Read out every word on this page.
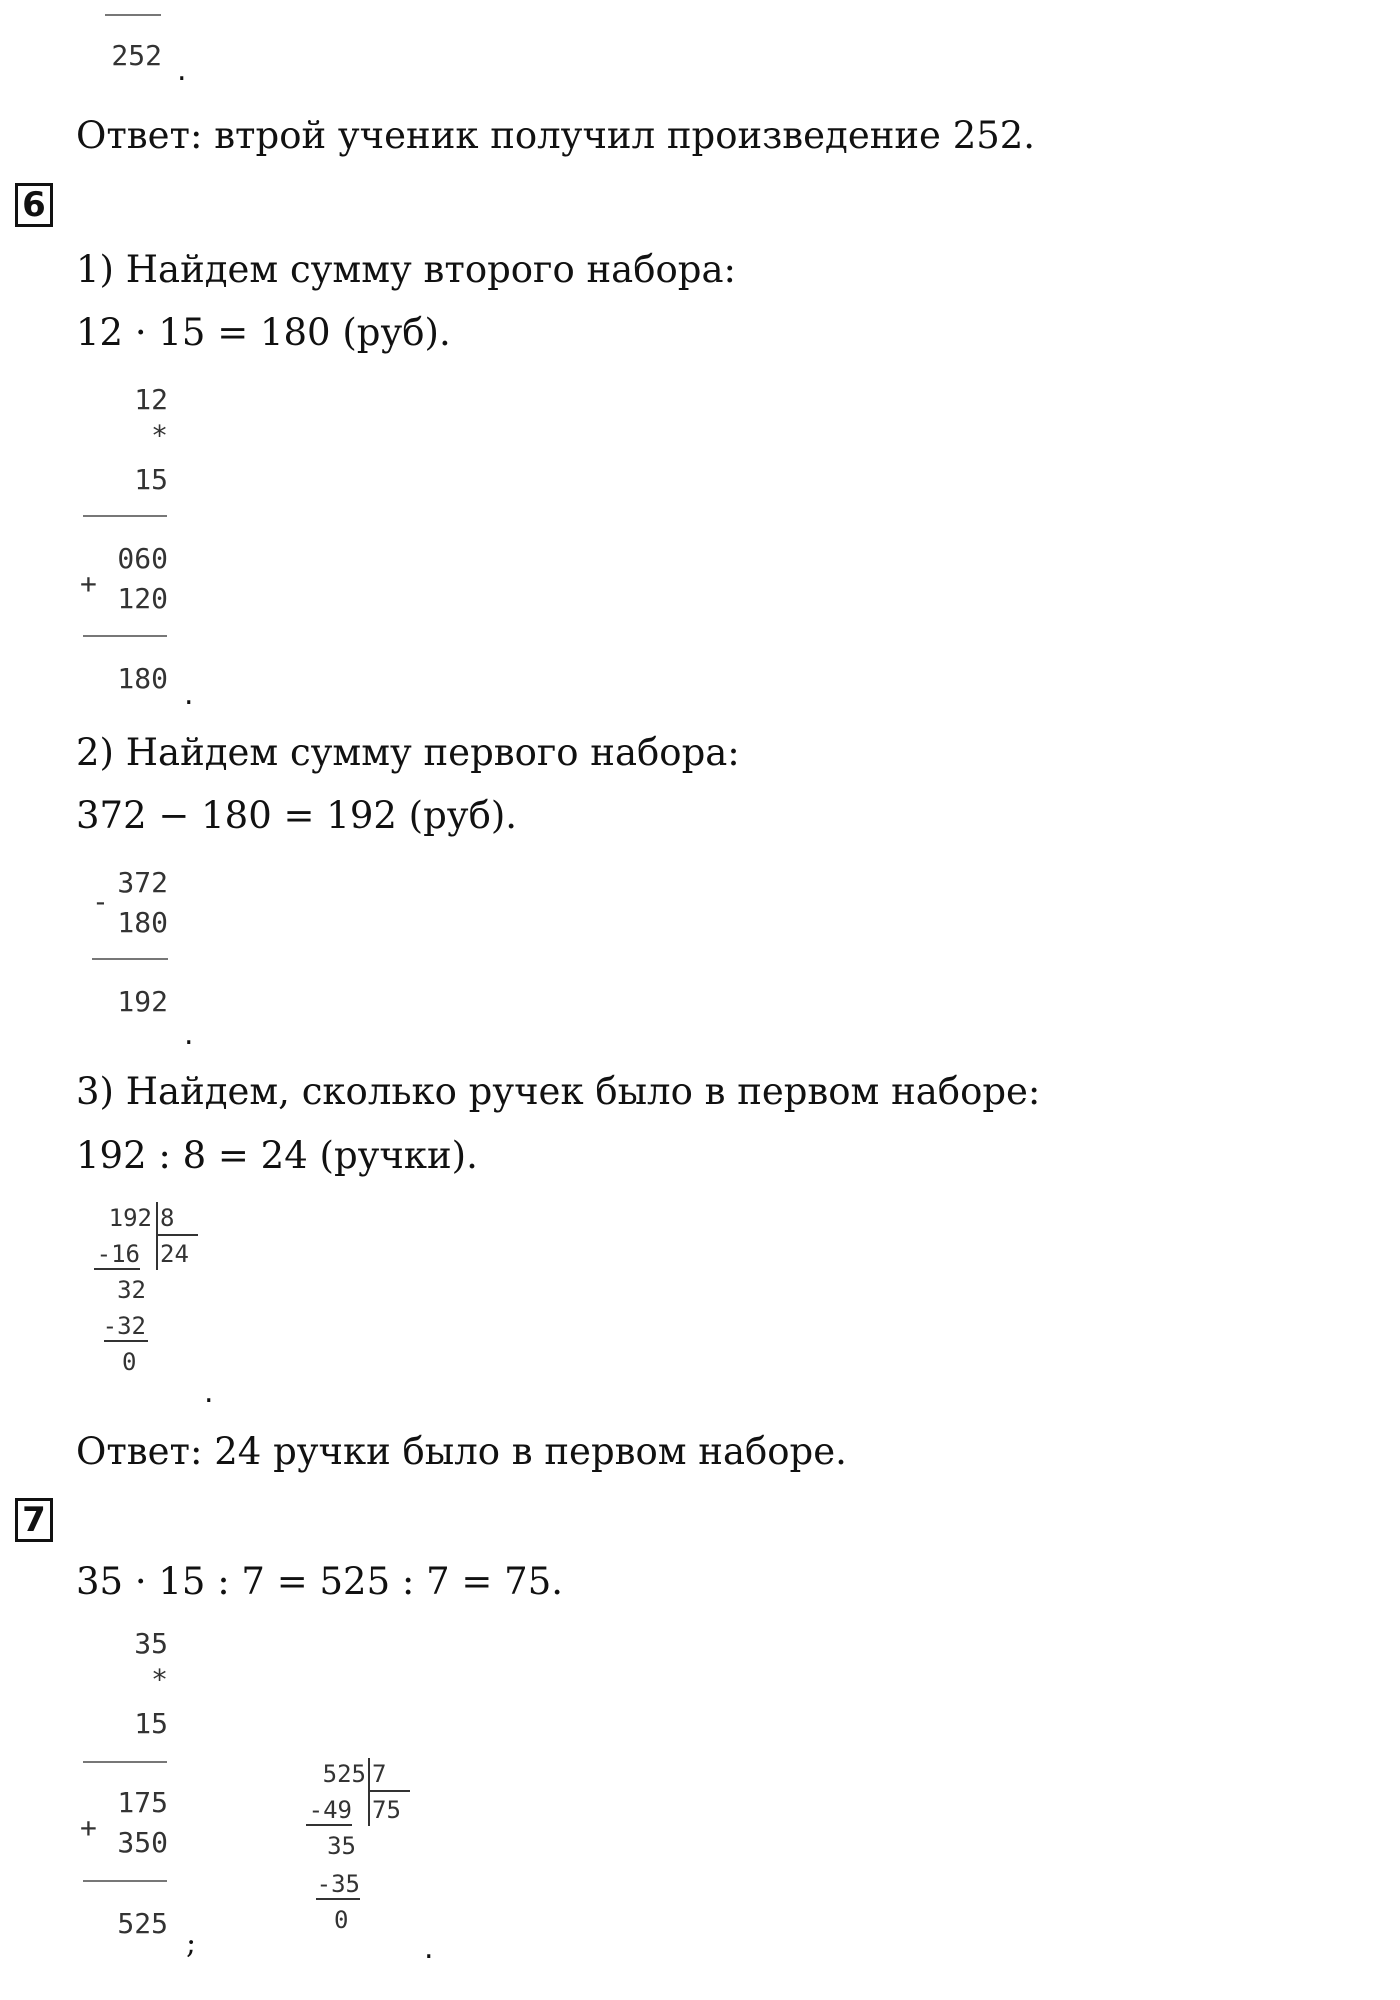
252 .
Ответ: втрой ученик получил произведение 252.
6
1) Найдем сумму второго набора:
12 · 15 = 180 (руб).
12
*
15
+
060
120
180 .
2) Найдем сумму первого набора:
372 − 180 = 192 (руб).
-
372
180
192
.
3) Найдем, сколько ручек было в первом наборе:
192 : 8 = 24 (ручки).
192 8
24
-16
32
-32
0
.
Ответ: 24 ручки было в первом наборе.
7
35 · 15 : 7 = 525 : 7 = 75.
35
*
15
+
175
350
525
;
525 7
75
-49
35
-35
0
.
